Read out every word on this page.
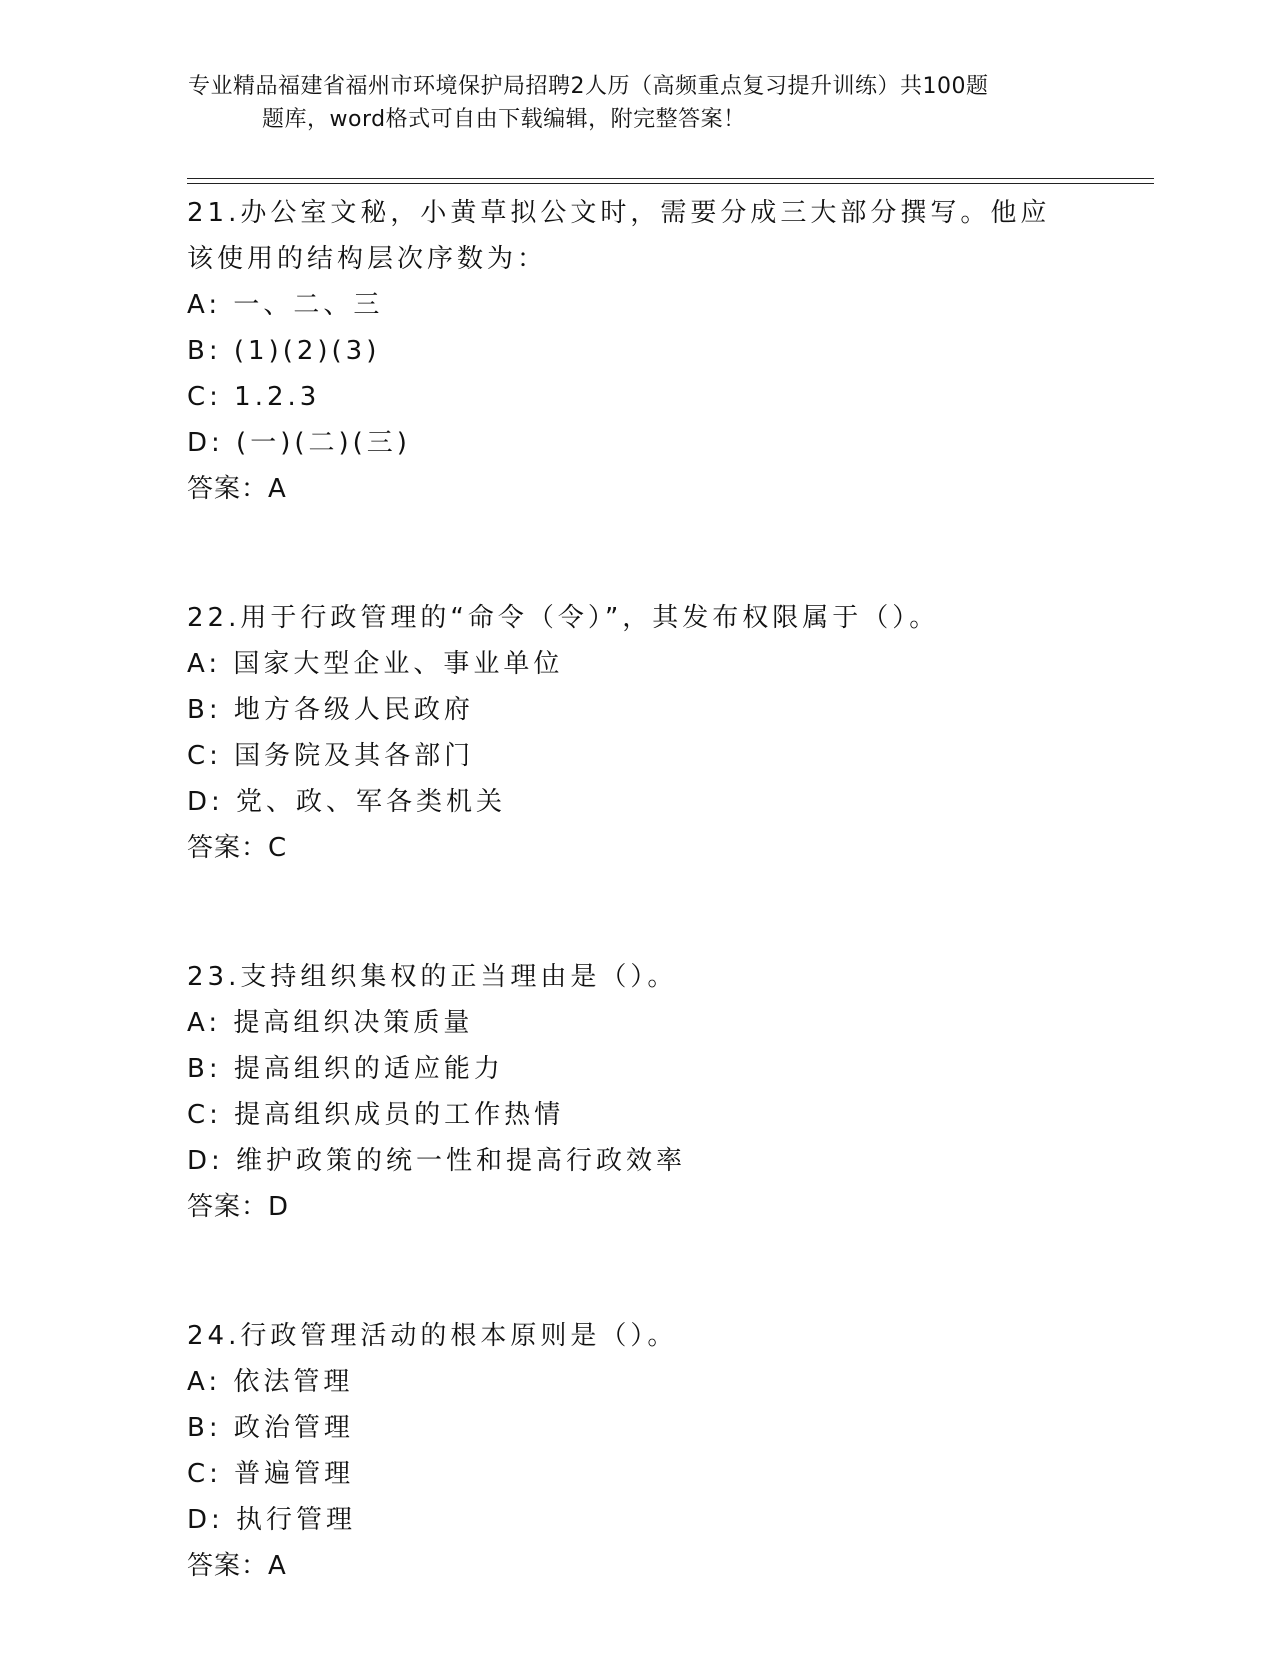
专业精品福建省福州市环境保护局招聘2人历（高频重点复习提升训练）共100题
题库，word格式可自由下载编辑，附完整答案！
21.办公室文秘，小黄草拟公文时，需要分成三大部分撰写。他应该使用的结构层次序数为：
A: 一、二、三
B: (1)(2)(3)
C: 1.2.3
D: (一)(二)(三)
答案：A
22.用于行政管理的“命令（令）”，其发布权限属于（）。
A: 国家大型企业、事业单位
B: 地方各级人民政府
C: 国务院及其各部门
D: 党、政、军各类机关
答案：C
23.支持组织集权的正当理由是（）。
A: 提高组织决策质量
B: 提高组织的适应能力
C: 提高组织成员的工作热情
D: 维护政策的统一性和提高行政效率
答案：D
24.行政管理活动的根本原则是（）。
A: 依法管理
B: 政治管理
C: 普遍管理
D: 执行管理
答案：A
